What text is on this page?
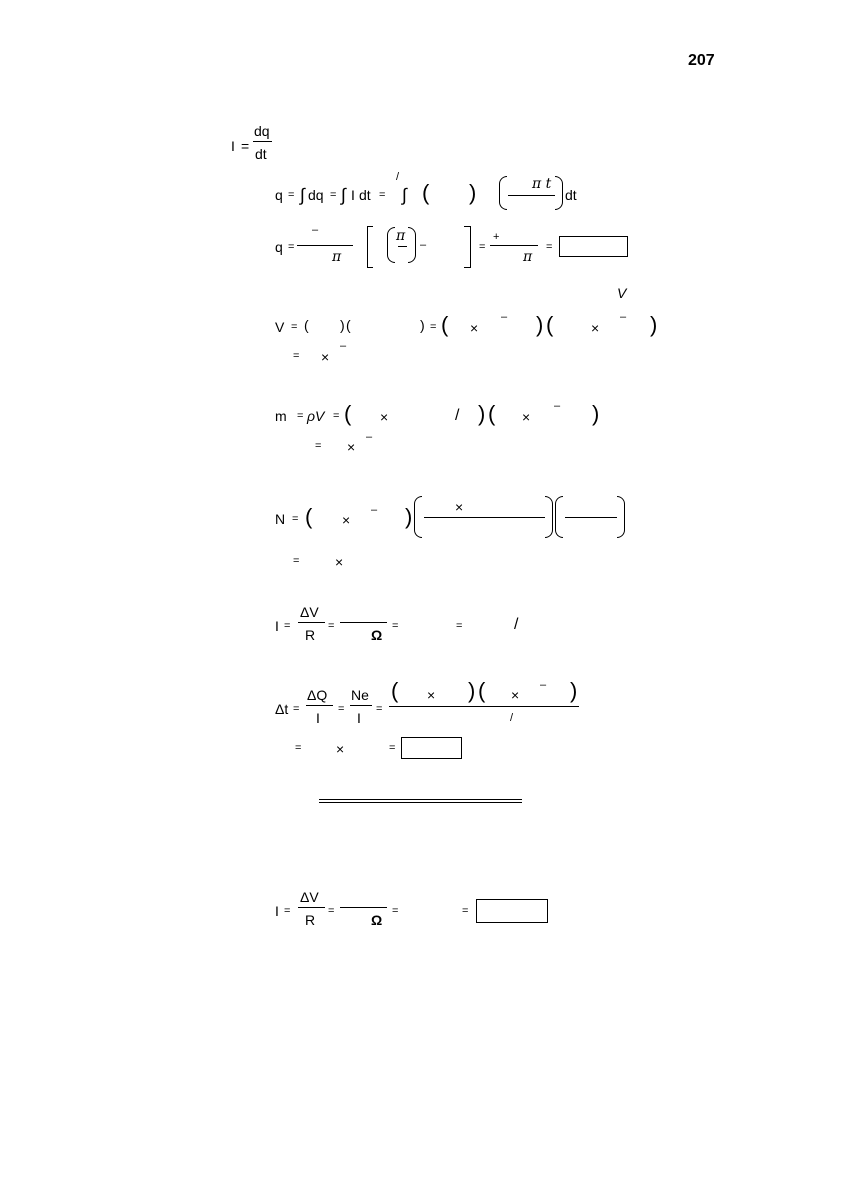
207
I =
dq
dt
q = ∫ dq = ∫ I dt =
/
∫ ( )	π t
dt
q =
–
π
π
–	=
+
π
=
V
V = ( ) (	) = ( ×
– ) (	×
– )
= ×
–
m = ρV = ( ×	/ ) ( ×
– )
= ×
–
N = ( ×
– )	×
=	×
I =
ΔV
R
=
Ω
=	=	/
Δt =
ΔQ
I
=
Ne
I
=
( × ) ( ×
– )
/
= ×	=
I =
ΔV
R
=
Ω
=	=
